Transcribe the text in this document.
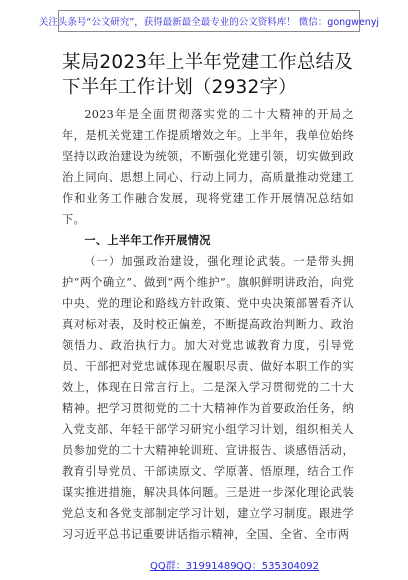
关注头条号“公文研究”，获得最新最全最专业的公文资料库！ 微信：gongwenyj
某局2023年上半年党建工作总结及下半年工作计划（2932字）

2023年是全面贯彻落实党的二十大精神的开局之年，是机关党建工作提质增效之年。上半年，我单位始终坚持以政治建设为统领，不断强化党建引领，切实做到政治上同向、思想上同心、行动上同力，高质量推动党建工作和业务工作融合发展，现将党建工作开展情况总结如下。

一、上半年工作开展情况

（一）加强政治建设，强化理论武装。一是带头拥护“两个确立”、做到“两个维护”。旗帜鲜明讲政治，向党中央、党的理论和路线方针政策、党中央决策部署看齐认真对标对表，及时校正偏差，不断提高政治判断力、政治领悟力、政治执行力。加大对党忠诚教育力度，引导党员、干部把对党忠诚体现在履职尽责、做好本职工作的实效上，体现在日常言行上。二是深入学习贯彻党的二十大精神。把学习贯彻党的二十大精神作为首要政治任务，纳入党支部、年轻干部学习研究小组学习计划，组织相关人员参加党的二十大精神轮训班、宣讲报告、谈感悟活动，教育引导党员、干部读原文、学原著、悟原理，结合工作谋实推进措施，解决具体问题。三是进一步深化理论武装党总支和各党支部制定学习计划，建立学习制度。跟进学习习近平总书记重要讲话指示精神，全国、全省、全市两

QQ群：31991489 QQ：535304092
